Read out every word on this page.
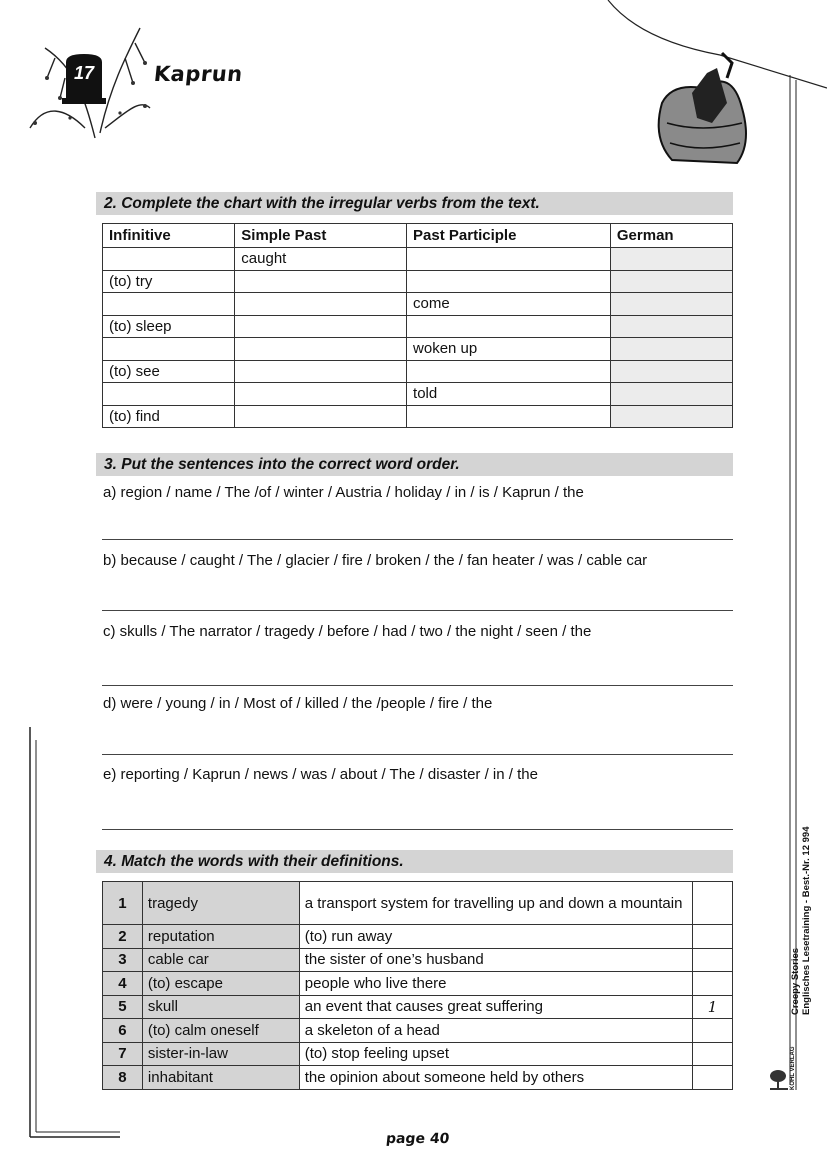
17	Kaprun
2. Complete the chart with the irregular verbs from the text.
Infinitive	Simple Past	Past Participle	German
	caught		
(to) try			
		come	
(to) sleep			
		woken up	
(to) see			
		told	
(to) find			
3. Put the sentences into the correct word order.
a) region / name / The /of / winter / Austria / holiday / in / is / Kaprun / the
b) because / caught / The / glacier / fire / broken / the / fan heater / was / cable car
c) skulls / The narrator / tragedy / before / had / two / the night / seen / the
d) were / young / in / Most of / killed / the /people / fire / the
e) reporting / Kaprun / news / was / about / The / disaster / in / the
4. Match the words with their definitions.
1	tragedy	a transport system for travelling up and down a mountain	
2	reputation	(to) run away	
3	cable car	the sister of one’s husband	
4	(to) escape	people who live there	
5	skull	an event that causes great suffering	1
6	(to) calm oneself	a skeleton of a head	
7	sister-in-law	(to) stop feeling upset	
8	inhabitant	the opinion about someone held by others	
Creepy Stories Englisches Lesetraining - Best.-Nr. 12 994
KOHL VERLAG
page 40
